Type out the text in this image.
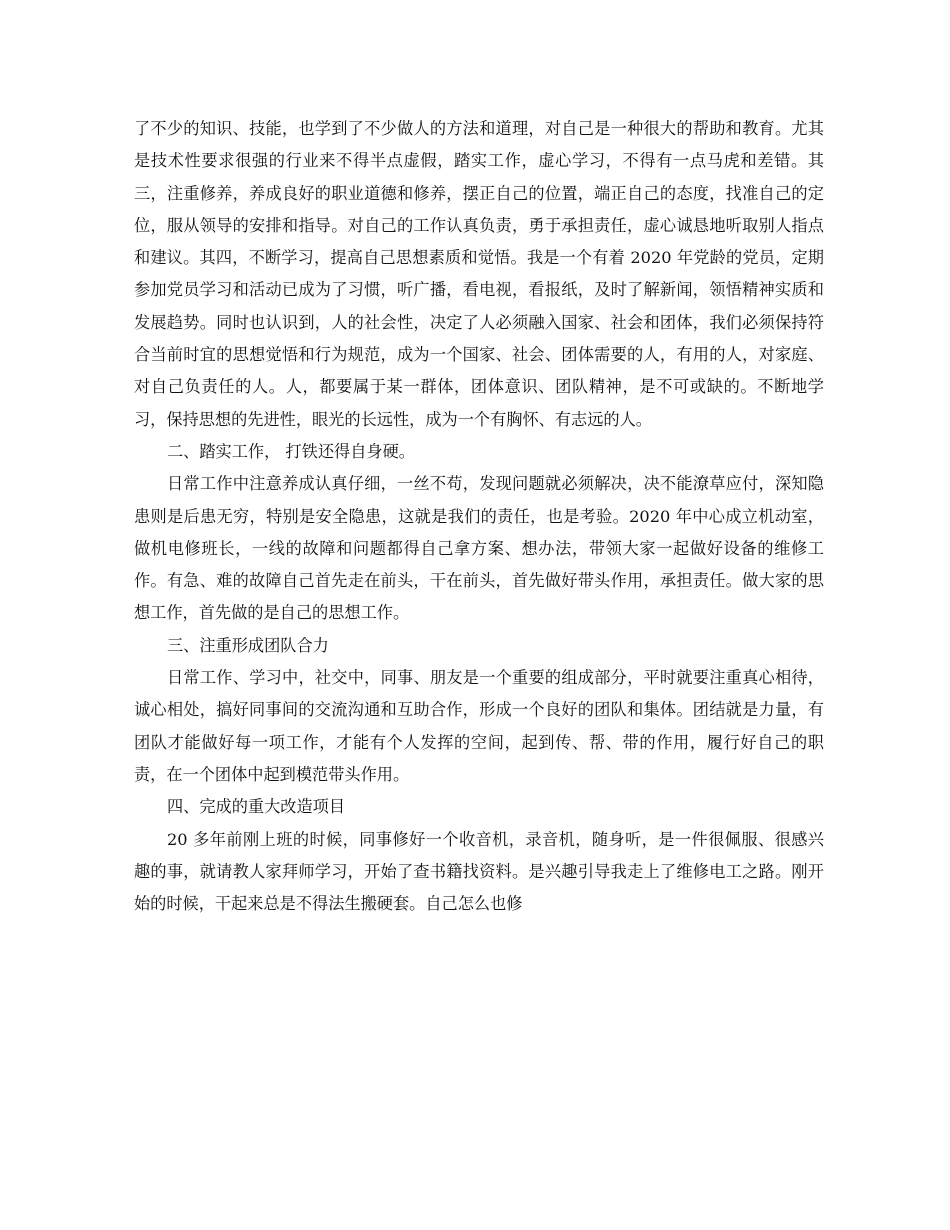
了不少的知识、技能，也学到了不少做人的方法和道理，对自己是一种很大的帮助和教育。尤其是技术性要求很强的行业来不得半点虚假，踏实工作，虚心学习，不得有一点马虎和差错。其三，注重修养，养成良好的职业道德和修养，摆正自己的位置，端正自己的态度，找准自己的定位，服从领导的安排和指导。对自己的工作认真负责，勇于承担责任，虚心诚恳地听取别人指点和建议。其四，不断学习，提高自己思想素质和觉悟。我是一个有着 2020 年党龄的党员，定期参加党员学习和活动已成为了习惯，听广播，看电视，看报纸，及时了解新闻，领悟精神实质和发展趋势。同时也认识到，人的社会性，决定了人必须融入国家、社会和团体，我们必须保持符合当前时宜的思想觉悟和行为规范，成为一个国家、社会、团体需要的人，有用的人，对家庭、对自己负责任的人。人，都要属于某一群体，团体意识、团队精神，是不可或缺的。不断地学习，保持思想的先进性，眼光的长远性，成为一个有胸怀、有志远的人。

二、踏实工作， 打铁还得自身硬。

日常工作中注意养成认真仔细，一丝不苟，发现问题就必须解决，决不能潦草应付，深知隐患则是后患无穷，特别是安全隐患，这就是我们的责任，也是考验。2020 年中心成立机动室，做机电修班长，一线的故障和问题都得自己拿方案、想办法，带领大家一起做好设备的维修工作。有急、难的故障自己首先走在前头，干在前头，首先做好带头作用，承担责任。做大家的思想工作，首先做的是自己的思想工作。

三、注重形成团队合力

日常工作、学习中，社交中，同事、朋友是一个重要的组成部分，平时就要注重真心相待，诚心相处，搞好同事间的交流沟通和互助合作，形成一个良好的团队和集体。团结就是力量，有团队才能做好每一项工作，才能有个人发挥的空间，起到传、帮、带的作用，履行好自己的职责，在一个团体中起到模范带头作用。

四、完成的重大改造项目

20 多年前刚上班的时候，同事修好一个收音机，录音机，随身听，是一件很佩服、很感兴趣的事，就请教人家拜师学习，开始了查书籍找资料。是兴趣引导我走上了维修电工之路。刚开始的时候，干起来总是不得法生搬硬套。自己怎么也修
